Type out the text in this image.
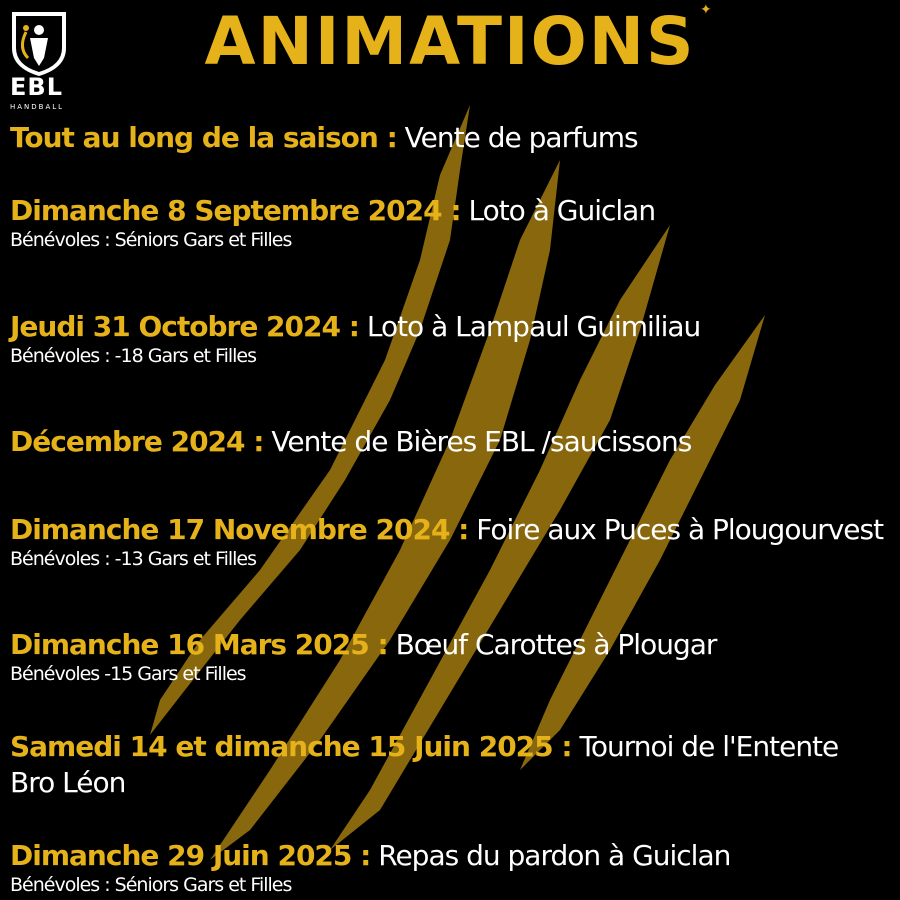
EBL
HANDBALL
ANIMATIONS ✦
Tout au long de la saison : Vente de parfums
Dimanche 8 Septembre 2024 : Loto à Guiclan
Bénévoles : Séniors Gars et Filles
Jeudi 31 Octobre 2024 : Loto à Lampaul Guimiliau
Bénévoles : -18 Gars et Filles
Décembre 2024 : Vente de Bières EBL /saucissons
Dimanche 17 Novembre 2024 : Foire aux Puces à Plougourvest
Bénévoles : -13 Gars et Filles
Dimanche 16 Mars 2025 : Bœuf Carottes à Plougar
Bénévoles -15 Gars et Filles
Samedi 14 et dimanche 15 Juin 2025 : Tournoi de l'Entente Bro Léon
Dimanche 29 Juin 2025 : Repas du pardon à Guiclan
Bénévoles : Séniors Gars et Filles
